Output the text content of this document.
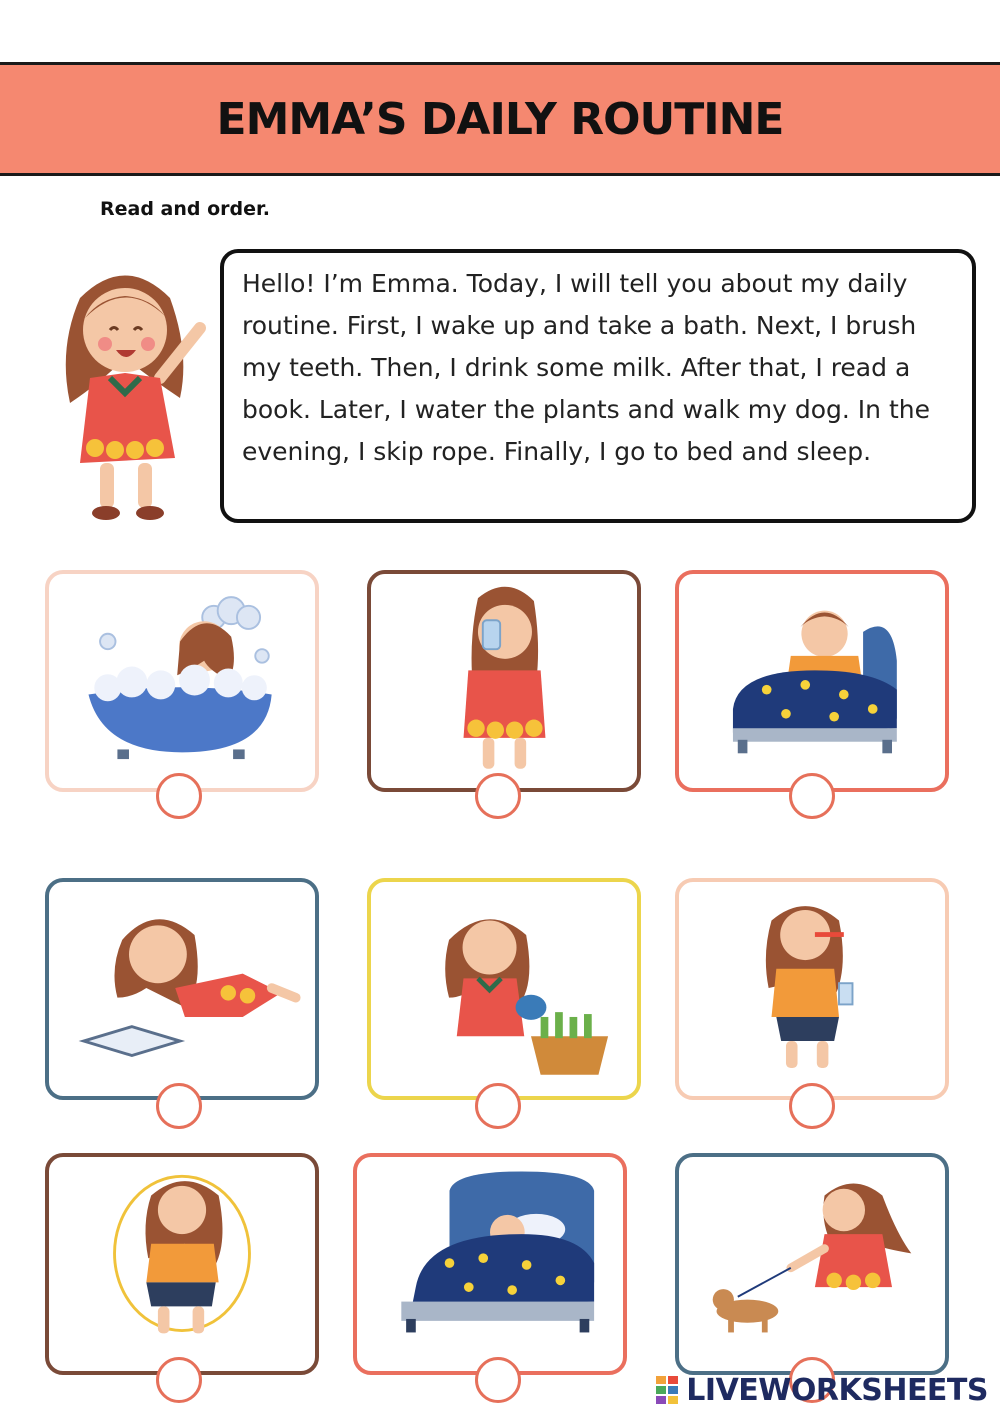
EMMA’S DAILY ROUTINE
Read and order.
Hello! I’m Emma. Today, I will tell you about my daily routine. First, I wake up and take a bath. Next, I brush my teeth. Then, I drink some milk. After that, I read a book. Later, I water the plants and walk my dog. In the evening, I skip rope. Finally, I go to bed and sleep.
LIVEWORKSHEETS
